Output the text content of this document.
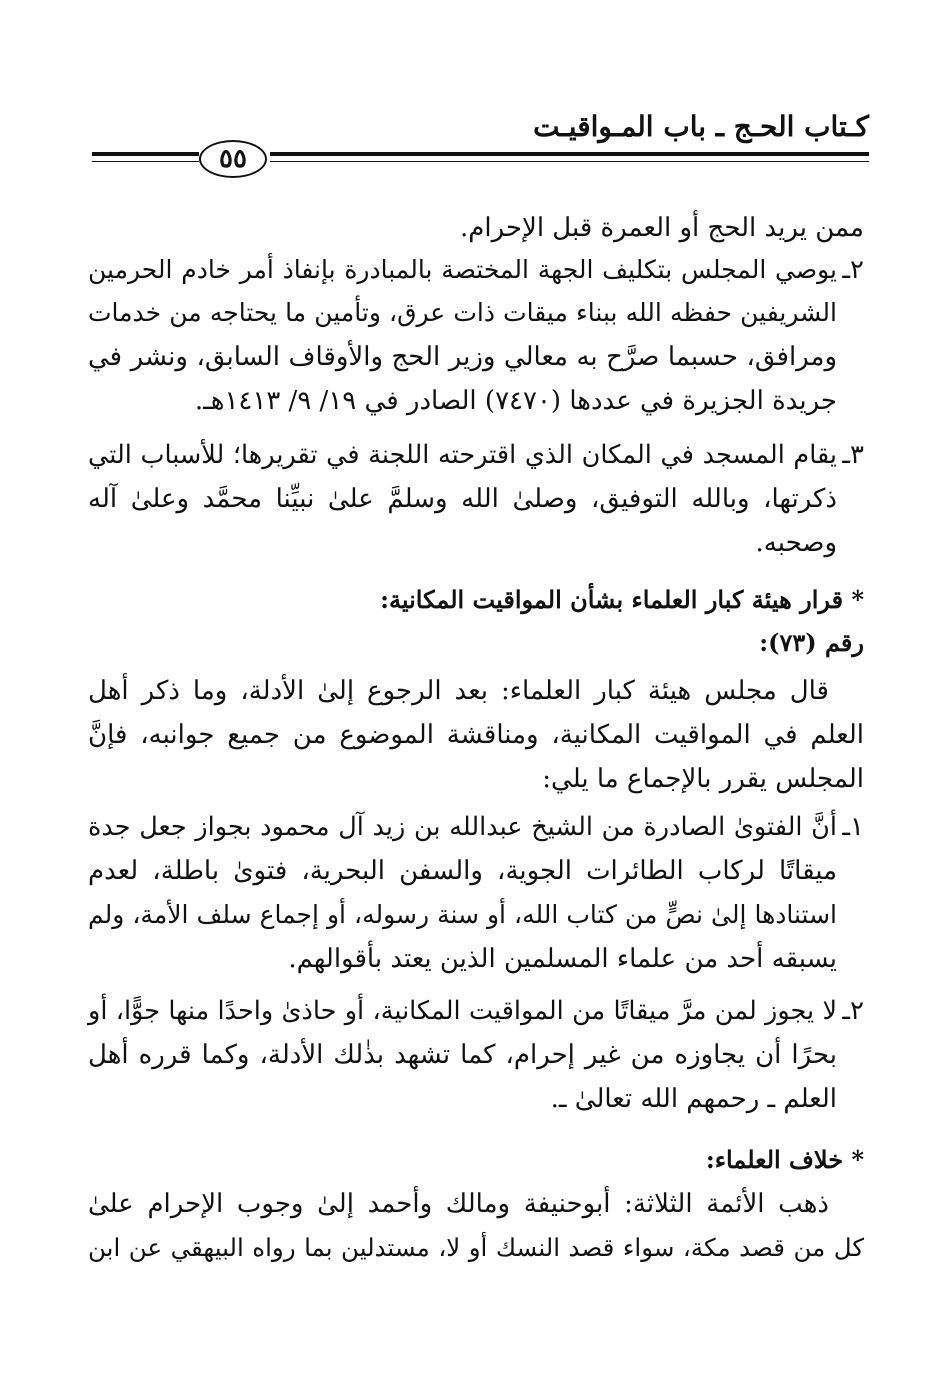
كـتاب الحـج ـ باب المـواقيـت
٥٥
ممن يريد الحج أو العمرة قبل الإحرام.
٢ـ
يوصي المجلس بتكليف الجهة المختصة بالمبادرة بإنفاذ أمر خادم الحرمين
الشريفين حفظه الله ببناء ميقات ذات عرق، وتأمين ما يحتاجه من خدمات
ومرافق، حسبما صرَّح به معالي وزير الحج والأوقاف السابق، ونشر في
جريدة الجزيرة في عددها (٧٤٧٠) الصادر في ١٩/ ٩/ ١٤١٣هـ.
٣ـ
يقام المسجد في المكان الذي اقترحته اللجنة في تقريرها؛ للأسباب التي
ذكرتها، وبالله التوفيق، وصلىٰ الله وسلمَّ علىٰ نبيِّنا محمَّد وعلىٰ آله
وصحبه.
* قرار هيئة كبار العلماء بشأن المواقيت المكانية:
رقم (٧٣):
قال مجلس هيئة كبار العلماء: بعد الرجوع إلىٰ الأدلة، وما ذكر أهل
العلم في المواقيت المكانية، ومناقشة الموضوع من جميع جوانبه، فإنَّ
المجلس يقرر بالإجماع ما يلي:
١ـ
أنَّ الفتوىٰ الصادرة من الشيخ عبدالله بن زيد آل محمود بجواز جعل جدة
ميقاتًا لركاب الطائرات الجوية، والسفن البحرية، فتوىٰ باطلة، لعدم
استنادها إلىٰ نصٍّ من كتاب الله، أو سنة رسوله، أو إجماع سلف الأمة، ولم
يسبقه أحد من علماء المسلمين الذين يعتد بأقوالهم.
٢ـ
لا يجوز لمن مرَّ ميقاتًا من المواقيت المكانية، أو حاذىٰ واحدًا منها جوًّا، أو
بحرًا أن يجاوزه من غير إحرام، كما تشهد بذٰلك الأدلة، وكما قرره أهل
العلم ـ رحمهم الله تعالىٰ ـ.
* خلاف العلماء:
ذهب الأئمة الثلاثة: أبوحنيفة ومالك وأحمد إلىٰ وجوب الإحرام علىٰ
كل من قصد مكة، سواء قصد النسك أو لا، مستدلين بما رواه البيهقي عن ابن
